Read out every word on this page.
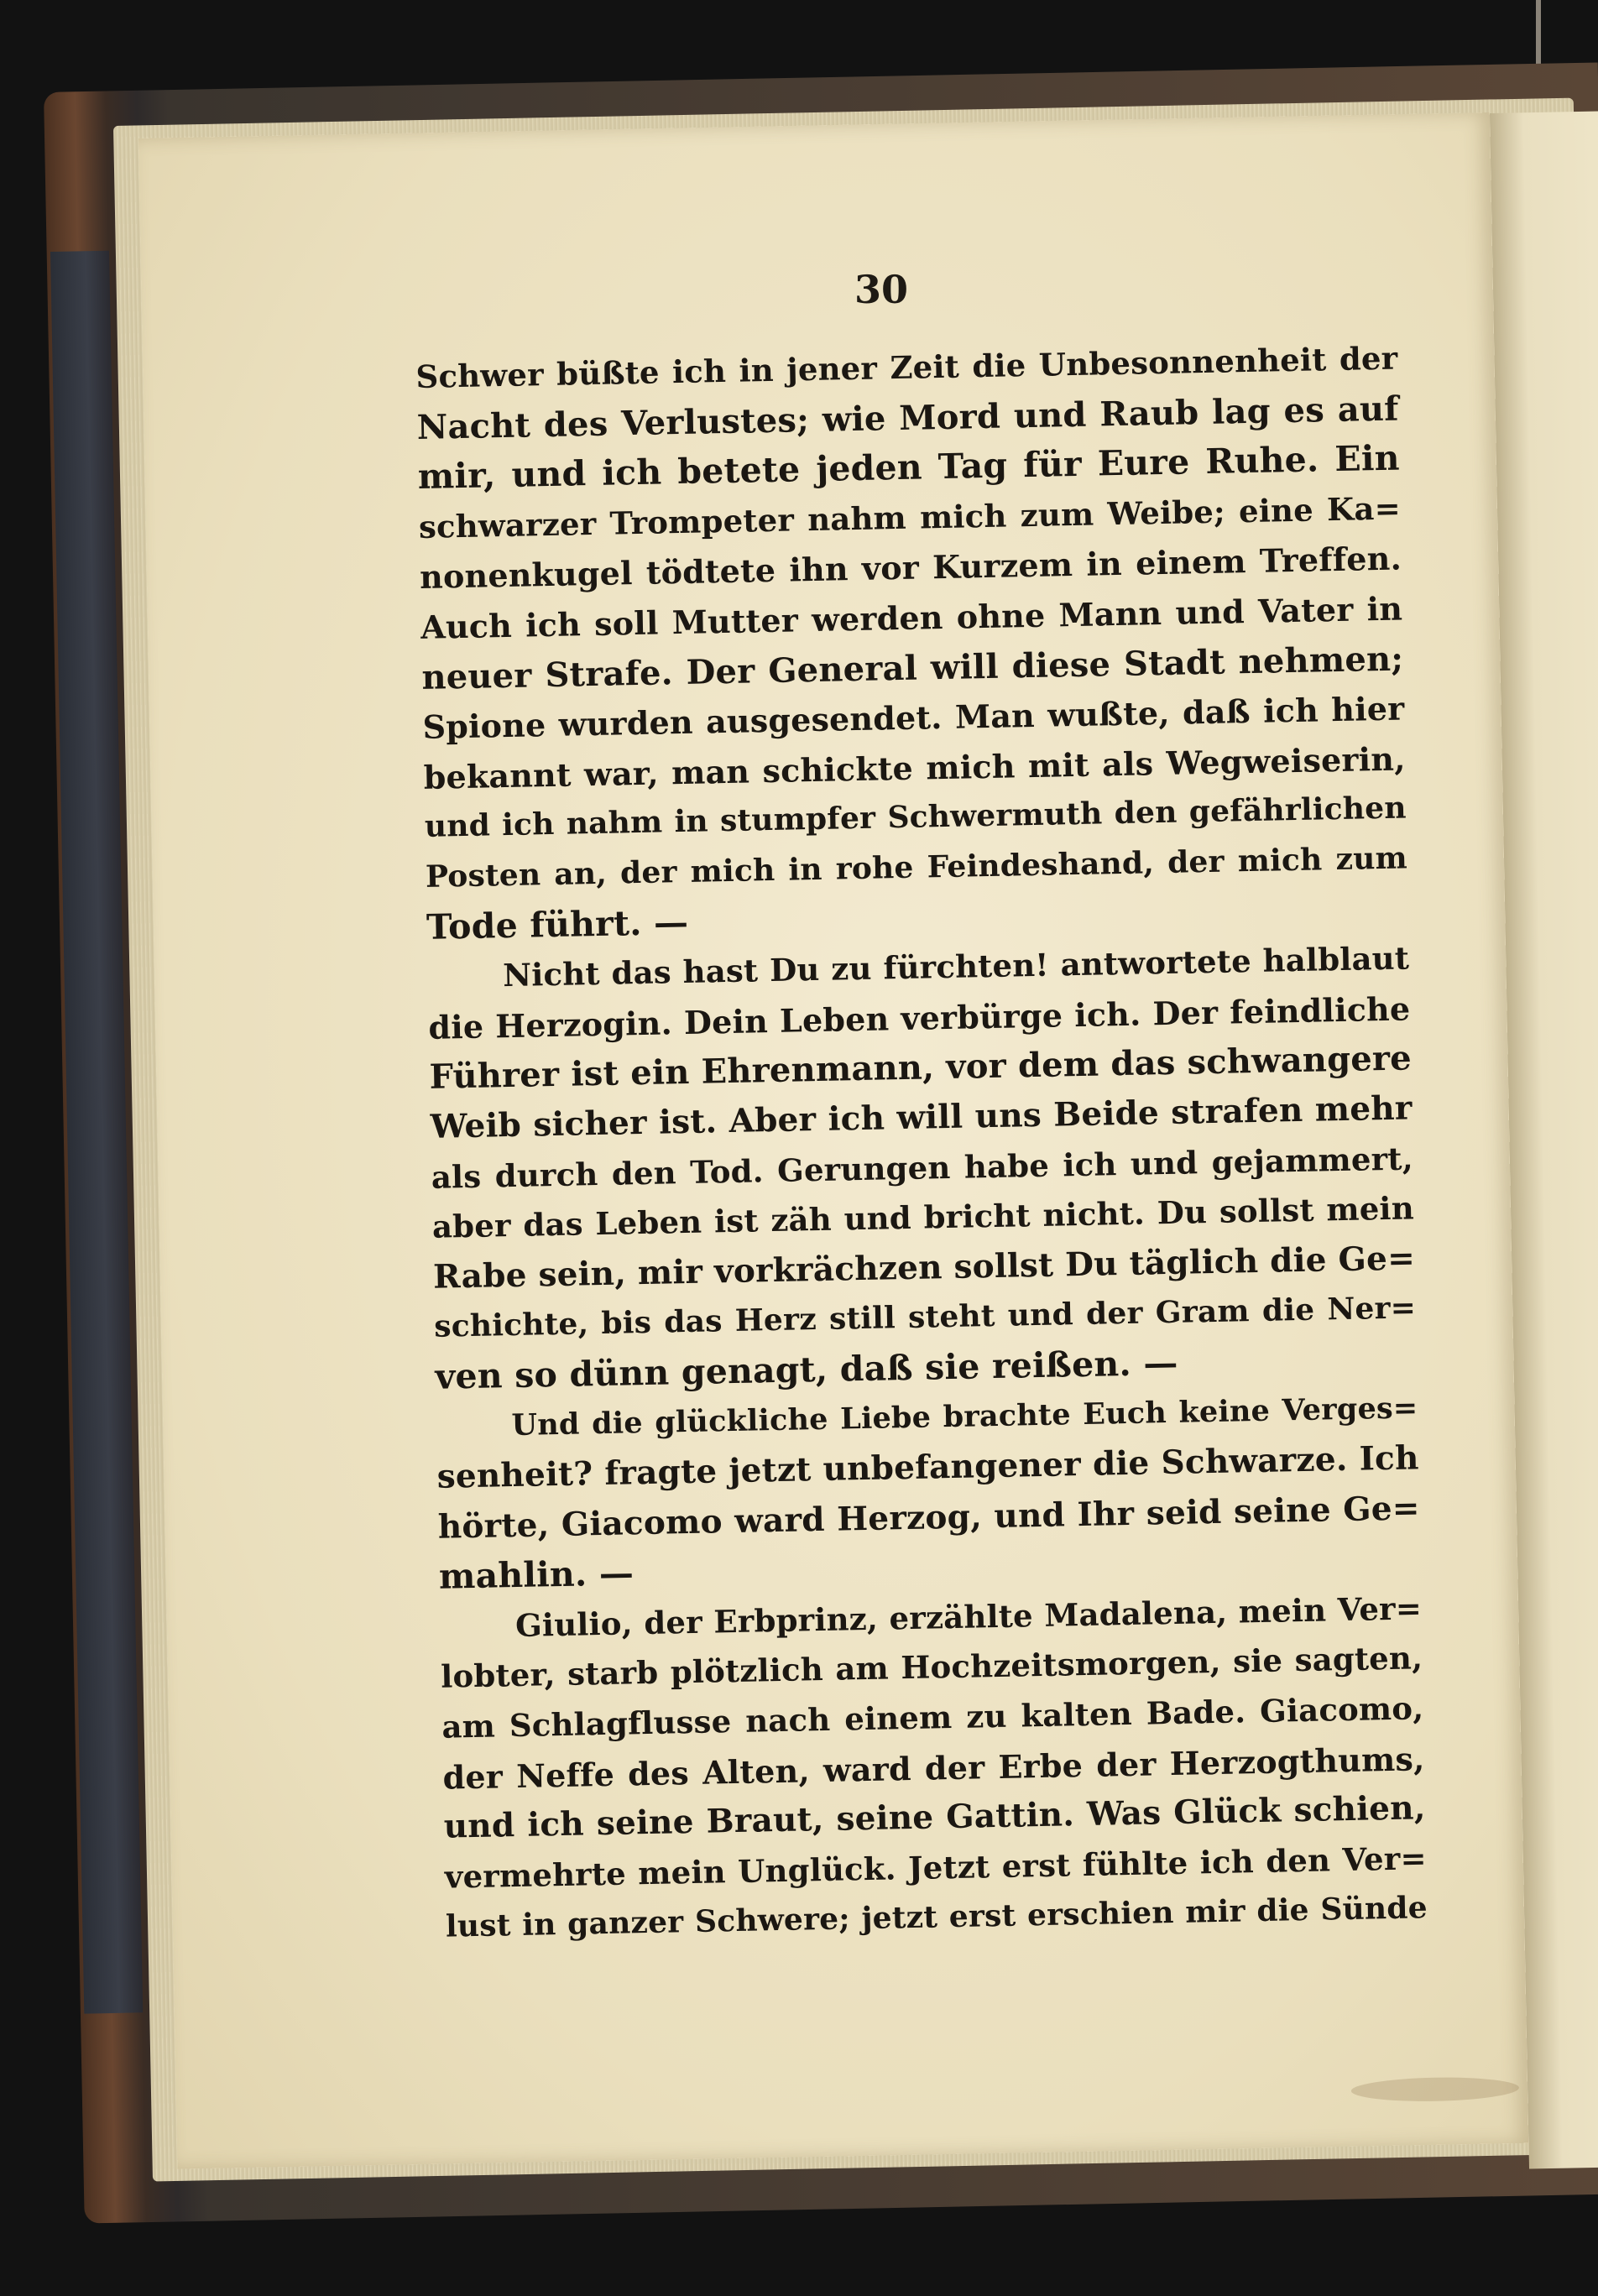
30
Schwer büßte ich in jener Zeit die Unbesonnenheit der
Nacht des Verlustes; wie Mord und Raub lag es auf
mir, und ich betete jeden Tag für Eure Ruhe. Ein
schwarzer Trompeter nahm mich zum Weibe; eine Ka=
nonenkugel tödtete ihn vor Kurzem in einem Treffen.
Auch ich soll Mutter werden ohne Mann und Vater in
neuer Strafe. Der General will diese Stadt nehmen;
Spione wurden ausgesendet. Man wußte, daß ich hier
bekannt war, man schickte mich mit als Wegweiserin,
und ich nahm in stumpfer Schwermuth den gefährlichen
Posten an, der mich in rohe Feindeshand, der mich zum
Tode führt. —
Nicht das hast Du zu fürchten! antwortete halblaut
die Herzogin. Dein Leben verbürge ich. Der feindliche
Führer ist ein Ehrenmann, vor dem das schwangere
Weib sicher ist. Aber ich will uns Beide strafen mehr
als durch den Tod. Gerungen habe ich und gejammert,
aber das Leben ist zäh und bricht nicht. Du sollst mein
Rabe sein, mir vorkrächzen sollst Du täglich die Ge=
schichte, bis das Herz still steht und der Gram die Ner=
ven so dünn genagt, daß sie reißen. —
Und die glückliche Liebe brachte Euch keine Verges=
senheit? fragte jetzt unbefangener die Schwarze. Ich
hörte, Giacomo ward Herzog, und Ihr seid seine Ge=
mahlin. —
Giulio, der Erbprinz, erzählte Madalena, mein Ver=
lobter, starb plötzlich am Hochzeitsmorgen, sie sagten,
am Schlagflusse nach einem zu kalten Bade. Giacomo,
der Neffe des Alten, ward der Erbe der Herzogthums,
und ich seine Braut, seine Gattin. Was Glück schien,
vermehrte mein Unglück. Jetzt erst fühlte ich den Ver=
lust in ganzer Schwere; jetzt erst erschien mir die Sünde
